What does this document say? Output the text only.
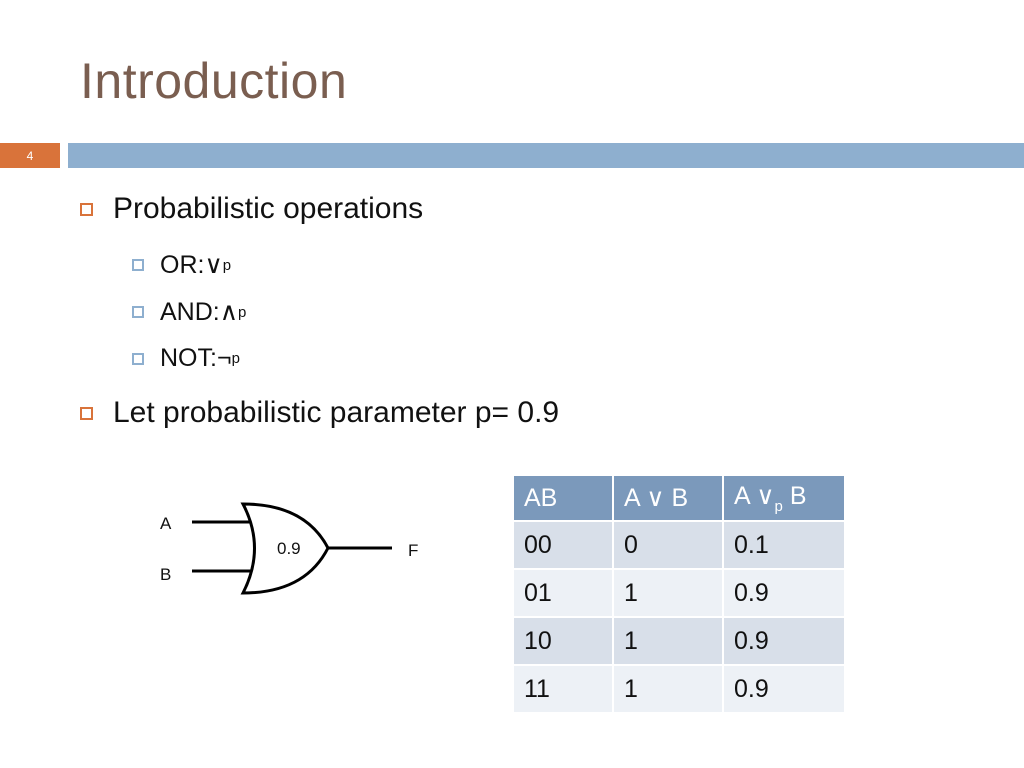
Introduction
4
Probabilistic operations
OR: ∨ p
AND: ∧ p
NOT: ¬ p
Let probabilistic parameter p= 0.9
A
B
0.9	F
AB	A ∨ B	A $\vee_p$ B
00	0	0.1
01	1	0.9
10	1	0.9
11	1	0.9
